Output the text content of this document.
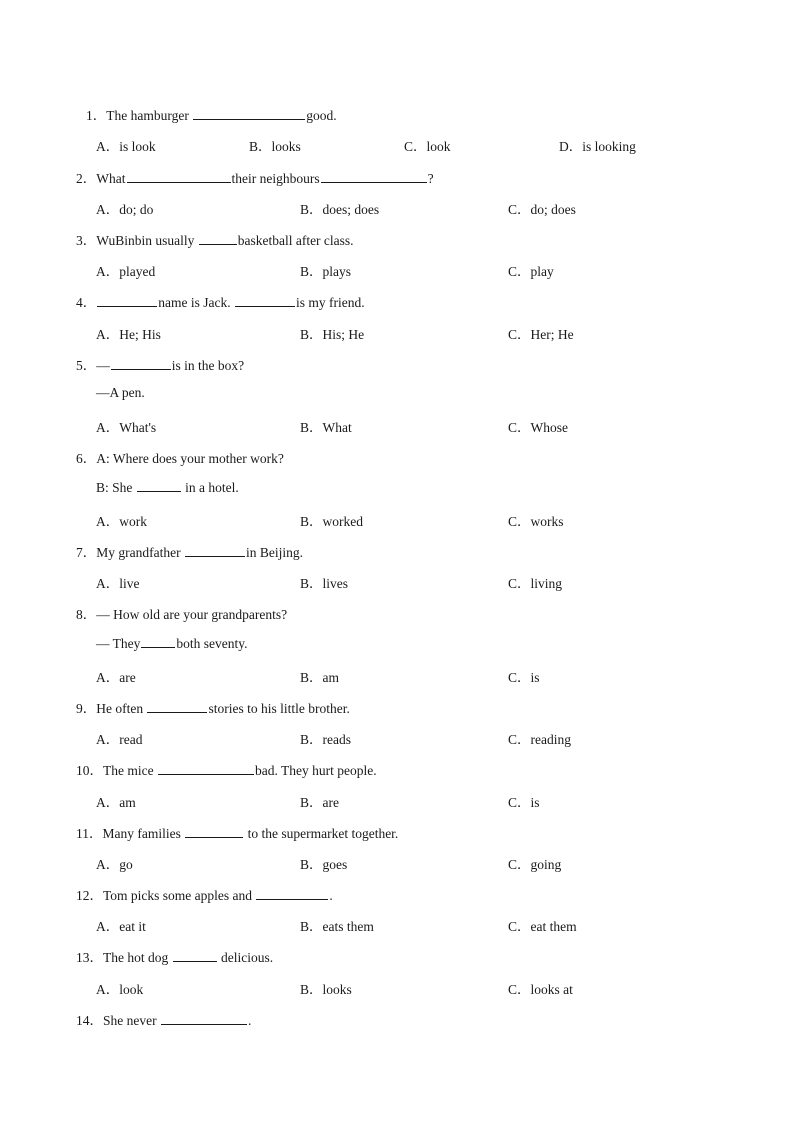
1．The hamburger	good.
A．is look	B．looks	C．look	D．is looking
2．What	their neighbours	?
A．do; do	B．does; does	C．do; does
3．WuBinbin usually	basketball after class.
A．played	B．plays	C．play
4．	name is Jack.	is my friend.
A．He; His	B．His; He	C．Her; He
5．—	is in the box?
—A pen.
A．What's	B．What	C．Whose
6．A: Where does your mother work?
B: She	in a hotel.
A．work	B．worked	C．works
7．My grandfather	in Beijing.
A．live	B．lives	C．living
8．— How old are your grandparents?
— They	both seventy.
A．are	B．am	C．is
9．He often	stories to his little brother.
A．read	B．reads	C．reading
10．The mice	bad. They hurt people.
A．am	B．are	C．is
11．Many families	to the supermarket together.
A．go	B．goes	C．going
12．Tom picks some apples and	.
A．eat it	B．eats them	C．eat them
13．The hot dog	delicious.
A．look	B．looks	C．looks at
14．She never	.
